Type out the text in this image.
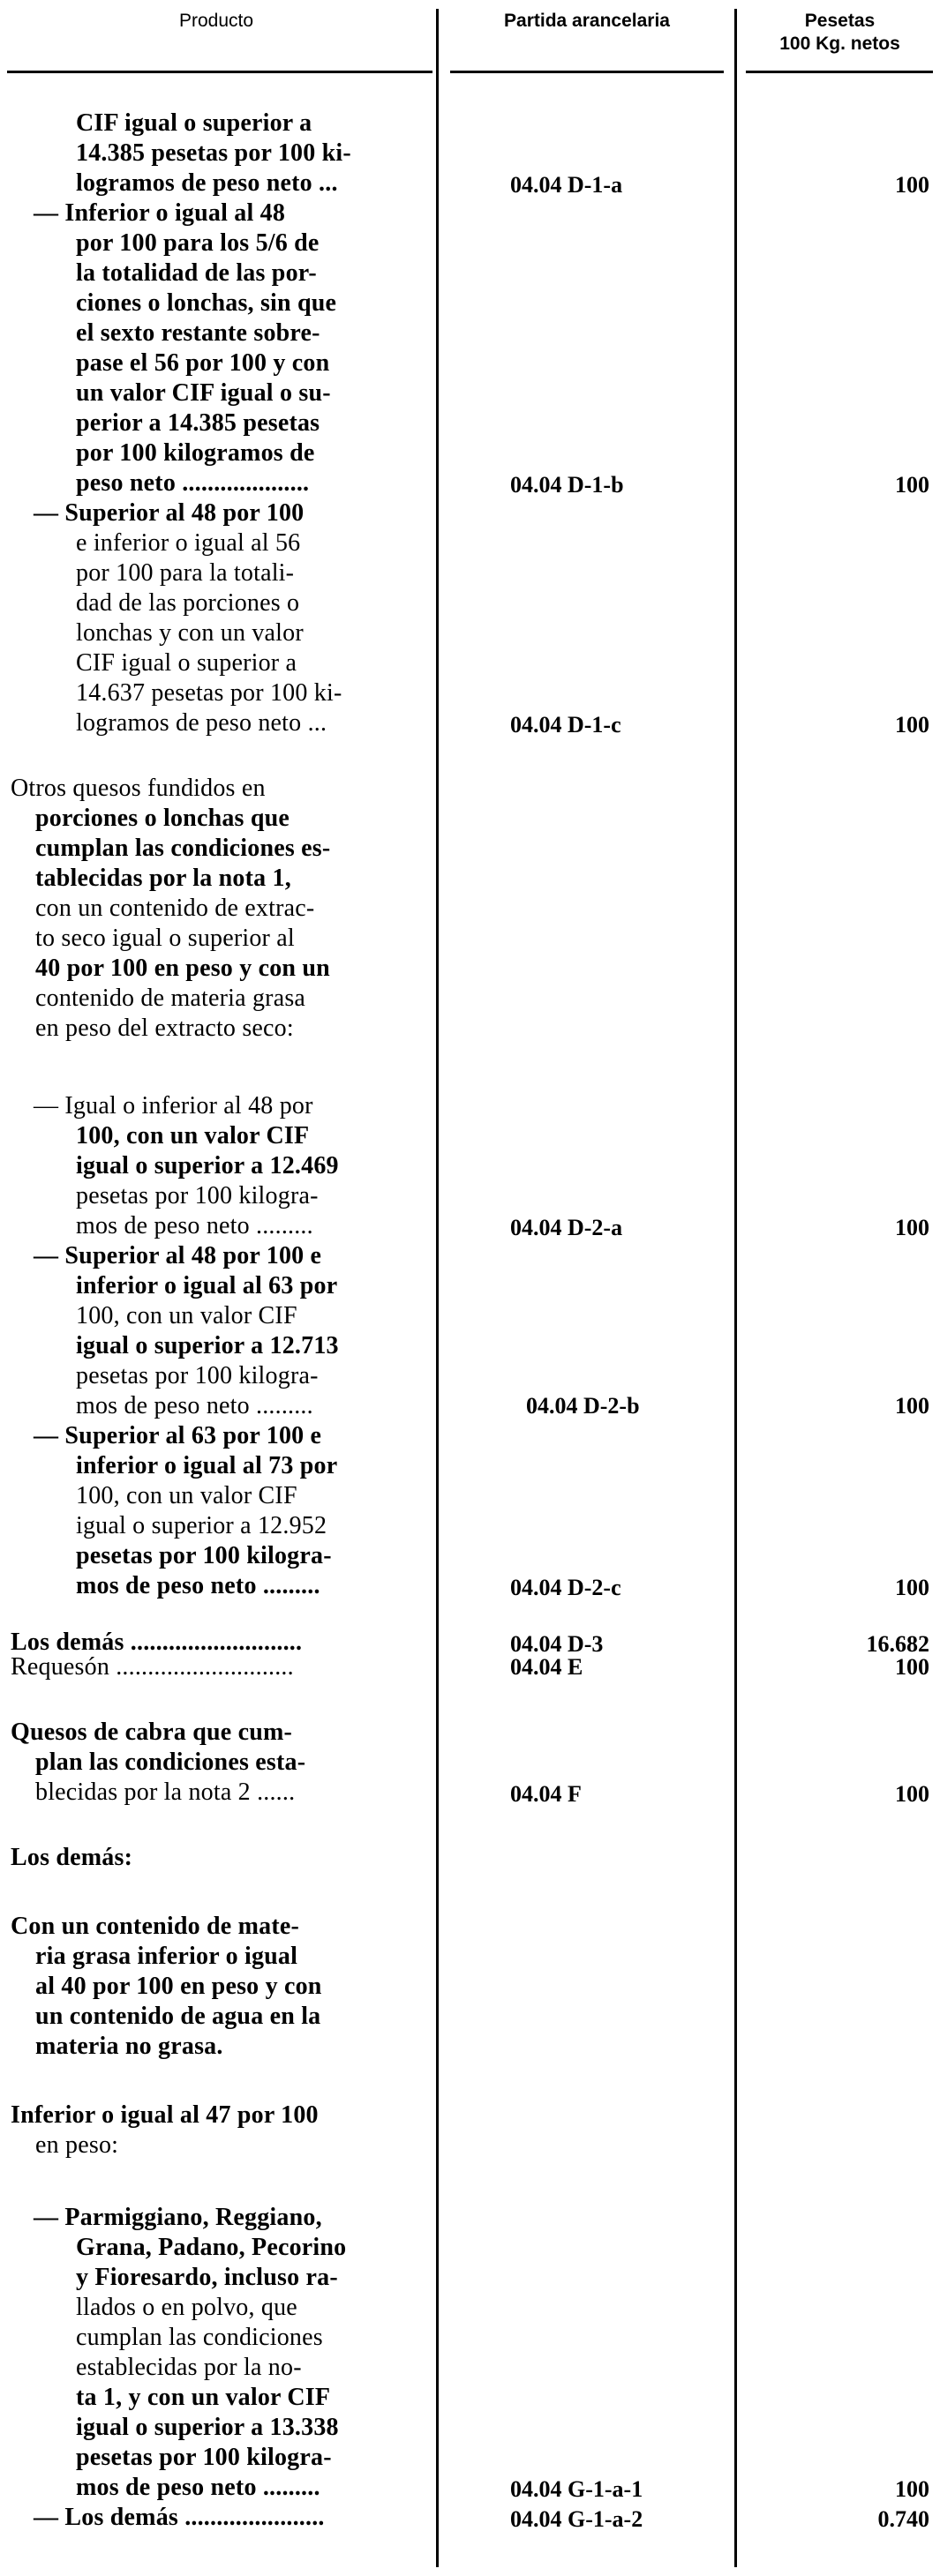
Producto	Partida arancelaria	Pesetas
100 Kg. netos
CIF igual o superior a
14.385 pesetas por 100 ki-
logramos de peso neto ...
— Inferior o igual al 48
por 100 para los 5/6 de
la totalidad de las por-
ciones o lonchas, sin que
el sexto restante sobre-
pase el 56 por 100 y con
un valor CIF igual o su-
perior a 14.385 pesetas
por 100 kilogramos de
peso neto ....................
— Superior al 48 por 100
e inferior o igual al 56
por 100 para la totali-
dad de las porciones o
lonchas y con un valor
CIF igual o superior a
14.637 pesetas por 100 ki-
logramos de peso neto ...
Otros quesos fundidos en
porciones o lonchas que
cumplan las condiciones es-
tablecidas por la nota 1,
con un contenido de extrac-
to seco igual o superior al
40 por 100 en peso y con un
contenido de materia grasa
en peso del extracto seco:
— Igual o inferior al 48 por
100, con un valor CIF
igual o superior a 12.469
pesetas por 100 kilogra-
mos de peso neto .........
— Superior al 48 por 100 e
inferior o igual al 63 por
100, con un valor CIF
igual o superior a 12.713
pesetas por 100 kilogra-
mos de peso neto .........
— Superior al 63 por 100 e
inferior o igual al 73 por
100, con un valor CIF
igual o superior a 12.952
pesetas por 100 kilogra-
mos de peso neto .........
Los demás ...........................
Requesón ............................
Quesos de cabra que cum-
plan las condiciones esta-
blecidas por la nota 2 ......
Los demás:
Con un contenido de mate-
ria grasa inferior o igual
al 40 por 100 en peso y con
un contenido de agua en la
materia no grasa.
Inferior o igual al 47 por 100
en peso:
— Parmiggiano, Reggiano,
Grana, Padano, Pecorino
y Fioresardo, incluso ra-
llados o en polvo, que
cumplan las condiciones
establecidas por la no-
ta 1, y con un valor CIF
igual o superior a 13.338
pesetas por 100 kilogra-
mos de peso neto .........
— Los demás ......................
04.04 D-1-a
04.04 D-1-b
04.04 D-1-c
04.04 D-2-a
04.04 D-2-b
04.04 D-2-c
04.04 D-3
04.04 E
04.04 F
04.04 G-1-a-1
04.04 G-1-a-2
100
100
100
100
100
100
16.682
100
100
100
0.740
